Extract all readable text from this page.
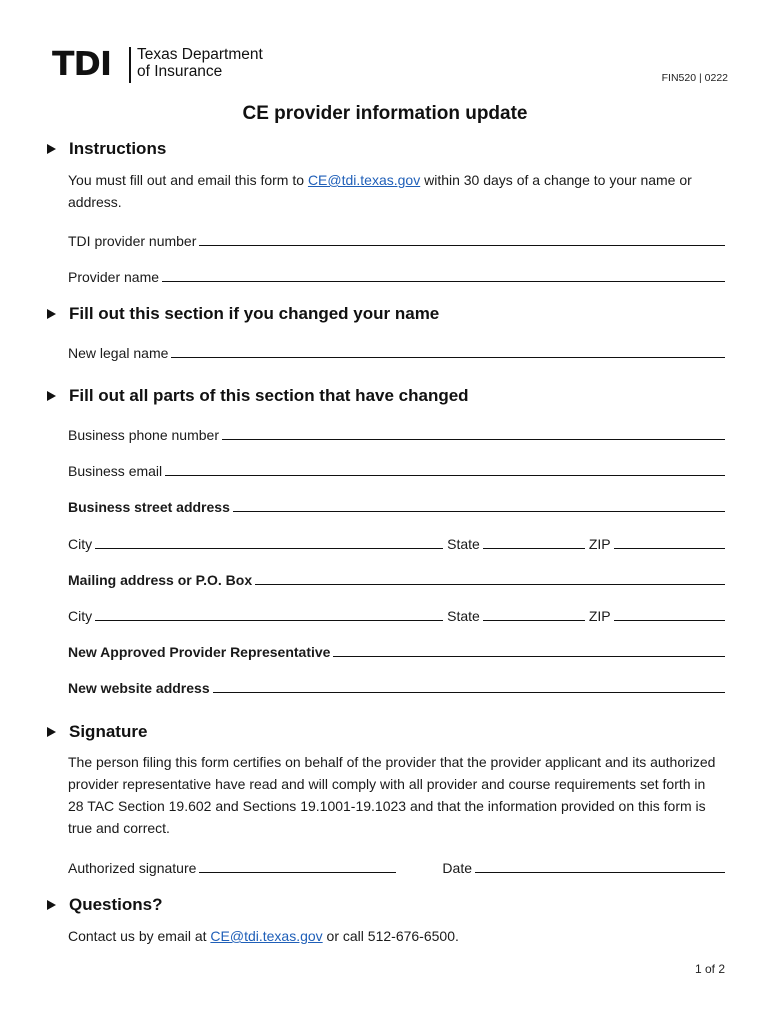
TDI Texas Department
of Insurance	FIN520 | 0222
CE provider information update
Instructions
You must fill out and email this form to CE@tdi.texas.gov within 30 days of a change to your name or address.
TDI provider number
Provider name
Fill out this section if you changed your name
New legal name
Fill out all parts of this section that have changed
Business phone number
Business email
Business street address
City	State	ZIP
Mailing address or P.O. Box
City	State	ZIP
New Approved Provider Representative
New website address
Signature
The person filing this form certifies on behalf of the provider that the provider applicant and its authorized provider representative have read and will comply with all provider and course requirements set forth in 28 TAC Section 19.602 and Sections 19.1001-19.1023 and that the information provided on this form is true and correct.
Authorized signature	Date
Questions?
Contact us by email at CE@tdi.texas.gov or call 512-676-6500.
1 of 2
